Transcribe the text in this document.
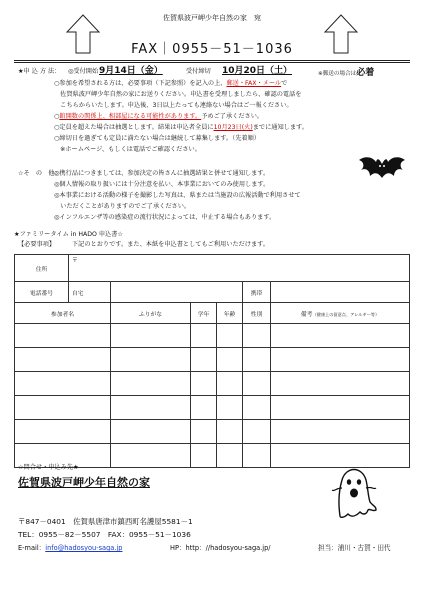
佐賀県波戸岬少年自然の家　宛
FAX｜0955－51－1036
★申 込 方 法： ◎受付開始 9月14日（金）	受付締切 10月20日（土）	※郵送の場合は必着
○参加を希望される方は、必要事項（下記参照）を記入の上、郵送・FAX・メールで
　佐賀県波戸岬少年自然の家にお送りください。申込書を受理しましたら、確認の電話を
　こちらからいたします。申込後、3日以上たっても連絡ない場合はご一報ください。
○館開数の関係上、相部屋になる可能性があります。予めご了承ください。
○定員を超えた場合は抽選とします。結果は申込者全員に10月23日(火)までに通知します。
○締切日を過ぎても定員に満たない場合は継続して募集します。（先着順）
　※ホームページ、もしくは電話でご確認ください。
☆そ　の　他：
◎携行品につきましては、参加決定の皆さんに抽選結果と併せて通知します。
◎個人情報の取り扱いには十分注意を払い、本事業においてのみ使用します。
◎本事業における活動の様子を撮影した写真は、県または当施設の広報活動で利用させて
　いただくことがありますのでご了承ください。
◎インフルエンザ等の感染症の流行状況によっては、中止する場合もあります。
★ファミリータイム in HADO 申込書☆
【必要事項】	下記のとおりです。また、本紙を申込書としてもご利用いただけます。
住所	〒					
電話番号	自宅				携帯	
参加者名		ふりがな	学年	年齢	性別	備考（健康上の留意点、アレルギー等）

☆問合せ・申込み先★
佐賀県波戸岬少年自然の家
〒847－0401　佐賀県唐津市鎮西町名護屋5581－1
TEL：0955－82－5507　FAX：0955－51－1036
E-mail：info@hadosyou-saga.jp	HP：http：//hadosyou-saga.jp/	担当：浦川・古賀・田代
